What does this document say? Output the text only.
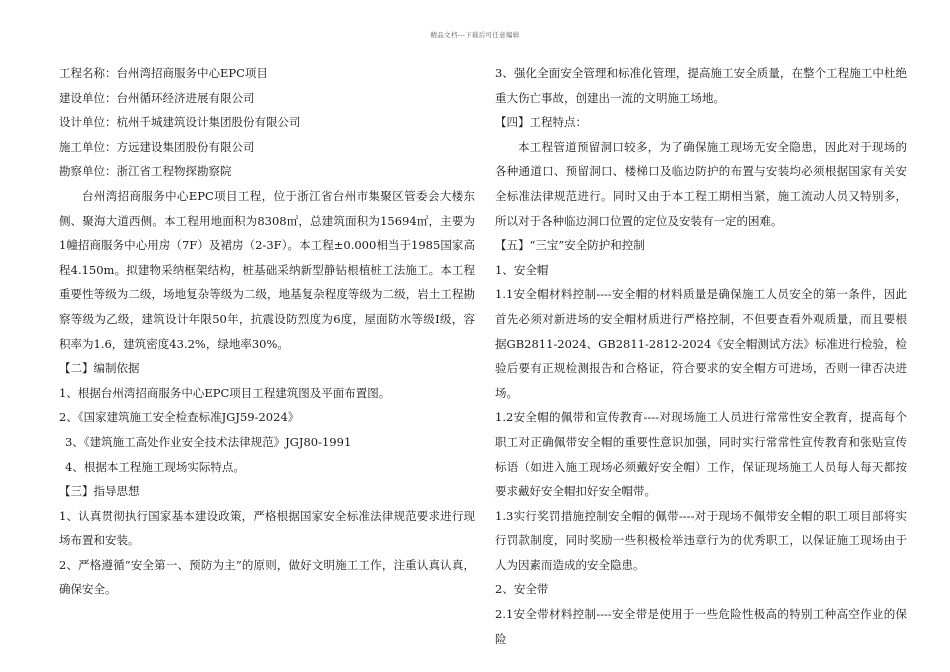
精品文档---下载后可任意编辑

工程名称：台州湾招商服务中心EPC项目

建设单位：台州循环经济进展有限公司

设计单位：杭州千城建筑设计集团股份有限公司

施工单位：方远建设集团股份有限公司

勘察单位：浙江省工程物探勘察院

台州湾招商服务中心EPC项目工程，位于浙江省台州市集聚区管委会大楼东侧、聚海大道西侧。本工程用地面积为8308㎡，总建筑面积为15694㎡，主要为1幢招商服务中心用房（7F）及裙房（2-3F）。本工程±0.000相当于1985国家高程4.150m。拟建物采纳框架结构，桩基础采纳新型静钻根植桩工法施工。本工程重要性等级为二级，场地复杂等级为二级，地基复杂程度等级为二级，岩土工程勘察等级为乙级，建筑设计年限50年，抗震设防烈度为6度，屋面防水等级Ⅰ级，容积率为1.6，建筑密度43.2%，绿地率30%。

【二】编制依据

1、根据台州湾招商服务中心EPC项目工程建筑图及平面布置图。

2、《国家建筑施工安全检查标准JGJ59-2024》

3、《建筑施工高处作业安全技术法律规范》JGJ80-1991

4、根据本工程施工现场实际特点。

【三】指导思想

1、认真贯彻执行国家基本建设政策，严格根据国家安全标准法律规范要求进行现场布置和安装。

2、严格遵循“安全第一、预防为主”的原则，做好文明施工工作，注重认真认真，确保安全。

3、强化全面安全管理和标准化管理，提高施工安全质量，在整个工程施工中杜绝重大伤亡事故，创建出一流的文明施工场地。

【四】工程特点：

本工程管道预留洞口较多，为了确保施工现场无安全隐患，因此对于现场的各种通道口、预留洞口、楼梯口及临边防护的布置与安装均必须根据国家有关安全标准法律规范进行。同时又由于本工程工期相当紧，施工流动人员又特别多，所以对于各种临边洞口位置的定位及安装有一定的困难。

【五】“三宝”安全防护和控制

1、安全帽

1.1安全帽材料控制----安全帽的材料质量是确保施工人员安全的第一条件，因此首先必须对新进场的安全帽材质进行严格控制，不但要查看外观质量，而且要根据GB2811-2024、GB2811-2812-2024《安全帽测试方法》标准进行检验，检验后要有正规检测报告和合格证，符合要求的安全帽方可进场，否则一律否决进场。

1.2安全帽的佩带和宣传教育----对现场施工人员进行常常性安全教育，提高每个职工对正确佩带安全帽的重要性意识加强，同时实行常常性宣传教育和张贴宣传标语（如进入施工现场必须戴好安全帽）工作，保证现场施工人员每人每天都按要求戴好安全帽扣好安全帽带。

1.3实行奖罚措施控制安全帽的佩带----对于现场不佩带安全帽的职工项目部将实行罚款制度，同时奖励一些积极检举违章行为的优秀职工，以保证施工现场由于人为因素而造成的安全隐患。

2、安全带

2.1安全带材料控制----安全带是使用于一些危险性极高的特别工种高空作业的保险
